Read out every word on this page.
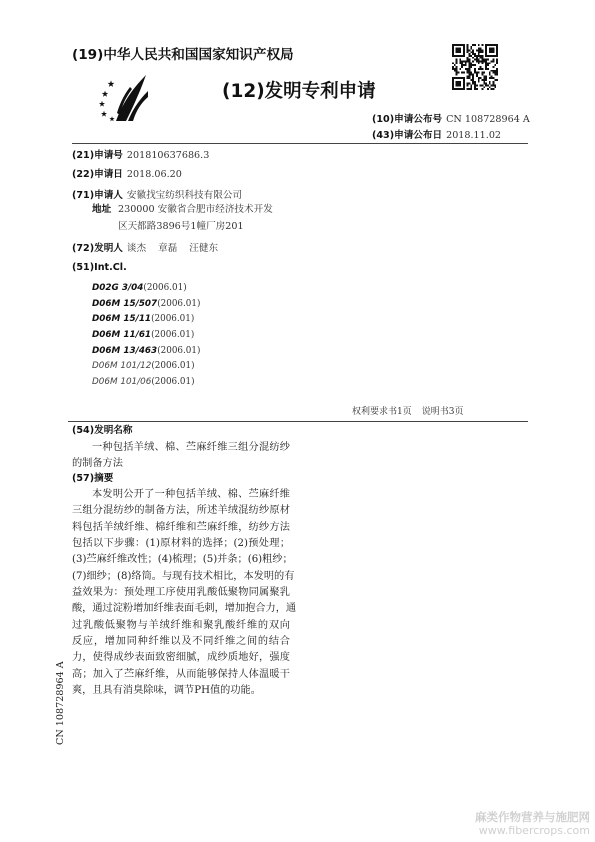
(19)中华人民共和国国家知识产权局
(12)发明专利申请
(10)申请公布号 CN 108728964 A
(43)申请公布日 2018.11.02
(21)申请号 201810637686.3
(22)申请日 2018.06.20
(71)申请人 安徽找宝纺织科技有限公司
地址 230000 安徽省合肥市经济技术开发
区天都路3896号1幢厂房201
(72)发明人 谈杰 章磊 汪健东
(51)Int.Cl.
D02G 3/04(2006.01)
D06M 15/507(2006.01)
D06M 15/11(2006.01)
D06M 11/61(2006.01)
D06M 13/463(2006.01)
D06M 101/12(2006.01)
D06M 101/06(2006.01)
权利要求书1页 说明书3页
(54)发明名称
一种包括羊绒、棉、苎麻纤维三组分混纺纱
的制备方法
(57)摘要
本发明公开了一种包括羊绒、棉、苎麻纤维
三组分混纺纱的制备方法，所述羊绒混纺纱原材
料包括羊绒纤维、棉纤维和苎麻纤维，纺纱方法
包括以下步骤：(1)原材料的选择；(2)预处理；
(3)苎麻纤维改性；(4)梳理；(5)并条；(6)粗纱；
(7)细纱；(8)络筒。与现有技术相比，本发明的有
益效果为：预处理工序使用乳酸低聚物同属聚乳
酸，通过淀粉增加纤维表面毛刺，增加抱合力，通
过乳酸低聚物与羊绒纤维和聚乳酸纤维的双向
反应，增加同种纤维以及不同纤维之间的结合
力，使得成纱表面致密细腻，成纱质地好，强度
高；加入了苎麻纤维，从而能够保持人体温暖干
爽，且具有消臭除味，调节PH值的功能。
CN 108728964 A
麻类作物营养与施肥网
www.fibercrops.com
